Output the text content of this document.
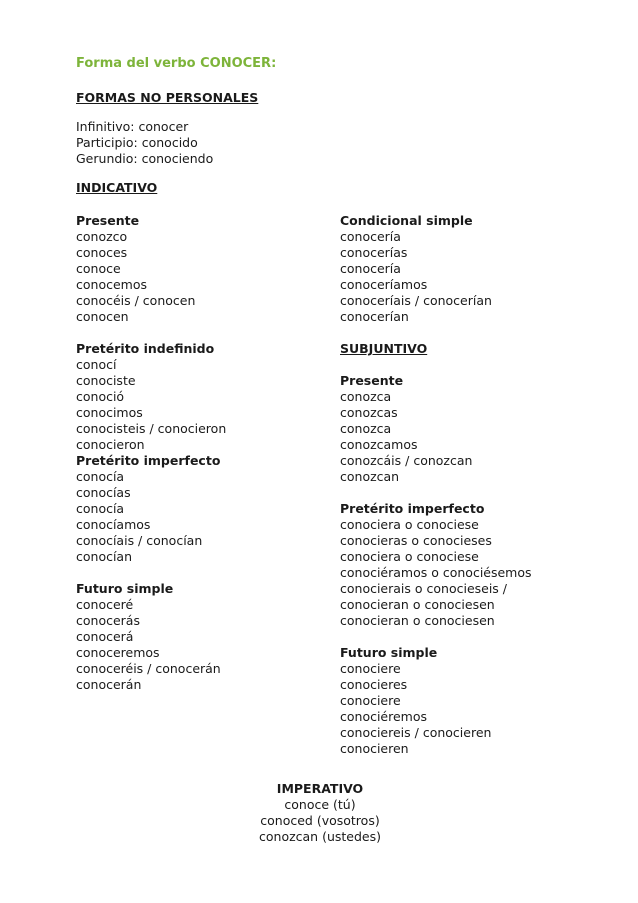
Forma del verbo CONOCER:
FORMAS NO PERSONALES
Infinitivo: conocer
Participio: conocido
Gerundio: conociendo
INDICATIVO
Presente
conozco
conoces
conoce
conocemos
conocéis / conocen
conocen

Pretérito indefinido
conocí
conociste
conoció
conocimos
conocisteis / conocieron
conocieron
Pretérito imperfecto
conocía
conocías
conocía
conocíamos
conocíais / conocían
conocían

Futuro simple
conoceré
conocerás
conocerá
conoceremos
conoceréis / conocerán
conocerán
Condicional simple
conocería
conocerías
conocería
conoceríamos
conoceríais / conocerían
conocerían

SUBJUNTIVO

Presente
conozca
conozcas
conozca
conozcamos
conozcáis / conozcan
conozcan

Pretérito imperfecto
conociera o conociese
conocieras o conocieses
conociera o conociese
conociéramos o conociésemos
conocierais o conocieseis /
conocieran o conociesen
conocieran o conociesen

Futuro simple
conociere
conocieres
conociere
conociéremos
conociereis / conocieren
conocieren
IMPERATIVO
conoce (tú)
conoced (vosotros)
conozcan (ustedes)
